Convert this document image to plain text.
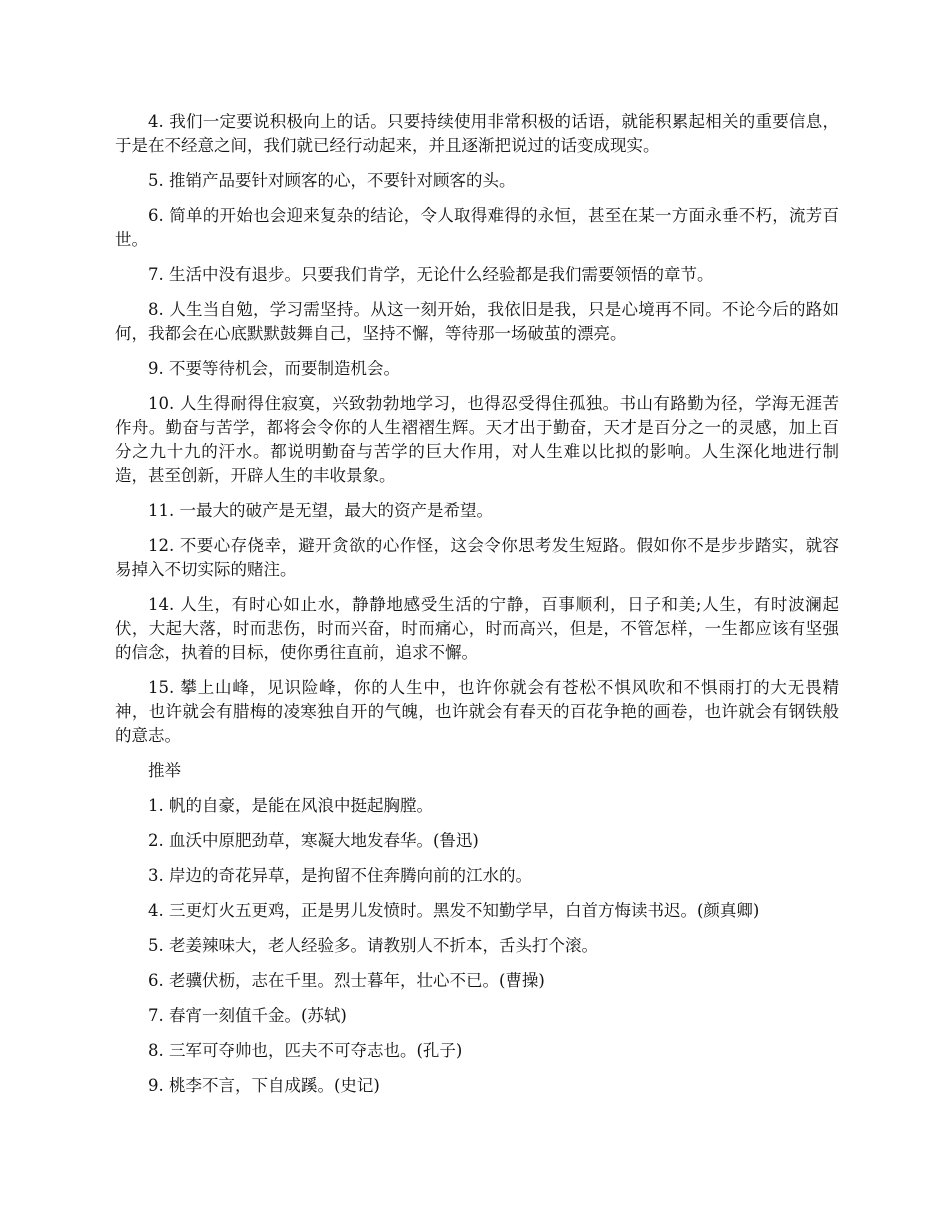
4. 我们一定要说积极向上的话。只要持续使用非常积极的话语，就能积累起相关的重要信息，于是在不经意之间，我们就已经行动起来，并且逐渐把说过的话变成现实。

5. 推销产品要针对顾客的心，不要针对顾客的头。

6. 简单的开始也会迎来复杂的结论，令人取得难得的永恒，甚至在某一方面永垂不朽，流芳百世。

7. 生活中没有退步。只要我们肯学，无论什么经验都是我们需要领悟的章节。

8. 人生当自勉，学习需坚持。从这一刻开始，我依旧是我，只是心境再不同。不论今后的路如何，我都会在心底默默鼓舞自己，坚持不懈，等待那一场破茧的漂亮。

9. 不要等待机会，而要制造机会。

10. 人生得耐得住寂寞，兴致勃勃地学习，也得忍受得住孤独。书山有路勤为径，学海无涯苦作舟。勤奋与苦学，都将会令你的人生褶褶生辉。天才出于勤奋，天才是百分之一的灵感，加上百分之九十九的汗水。都说明勤奋与苦学的巨大作用，对人生难以比拟的影响。人生深化地进行制造，甚至创新，开辟人生的丰收景象。

11. 一最大的破产是无望，最大的资产是希望。

12. 不要心存侥幸，避开贪欲的心作怪，这会令你思考发生短路。假如你不是步步踏实，就容易掉入不切实际的赌注。

14. 人生，有时心如止水，静静地感受生活的宁静，百事顺利，日子和美;人生，有时波澜起伏，大起大落，时而悲伤，时而兴奋，时而痛心，时而高兴，但是，不管怎样，一生都应该有坚强的信念，执着的目标，使你勇往直前，追求不懈。

15. 攀上山峰，见识险峰，你的人生中，也许你就会有苍松不惧风吹和不惧雨打的大无畏精神，也许就会有腊梅的凌寒独自开的气魄，也许就会有春天的百花争艳的画卷，也许就会有钢铁般的意志。

推举

1. 帆的自豪，是能在风浪中挺起胸膛。

2. 血沃中原肥劲草，寒凝大地发春华。(鲁迅)

3. 岸边的奇花异草，是拘留不住奔腾向前的江水的。

4. 三更灯火五更鸡，正是男儿发愤时。黑发不知勤学早，白首方悔读书迟。(颜真卿)

5. 老姜辣味大，老人经验多。请教别人不折本，舌头打个滚。

6. 老骥伏枥，志在千里。烈士暮年，壮心不已。(曹操)

7. 春宵一刻值千金。(苏轼)

8. 三军可夺帅也，匹夫不可夺志也。(孔子)

9. 桃李不言，下自成蹊。(史记)
